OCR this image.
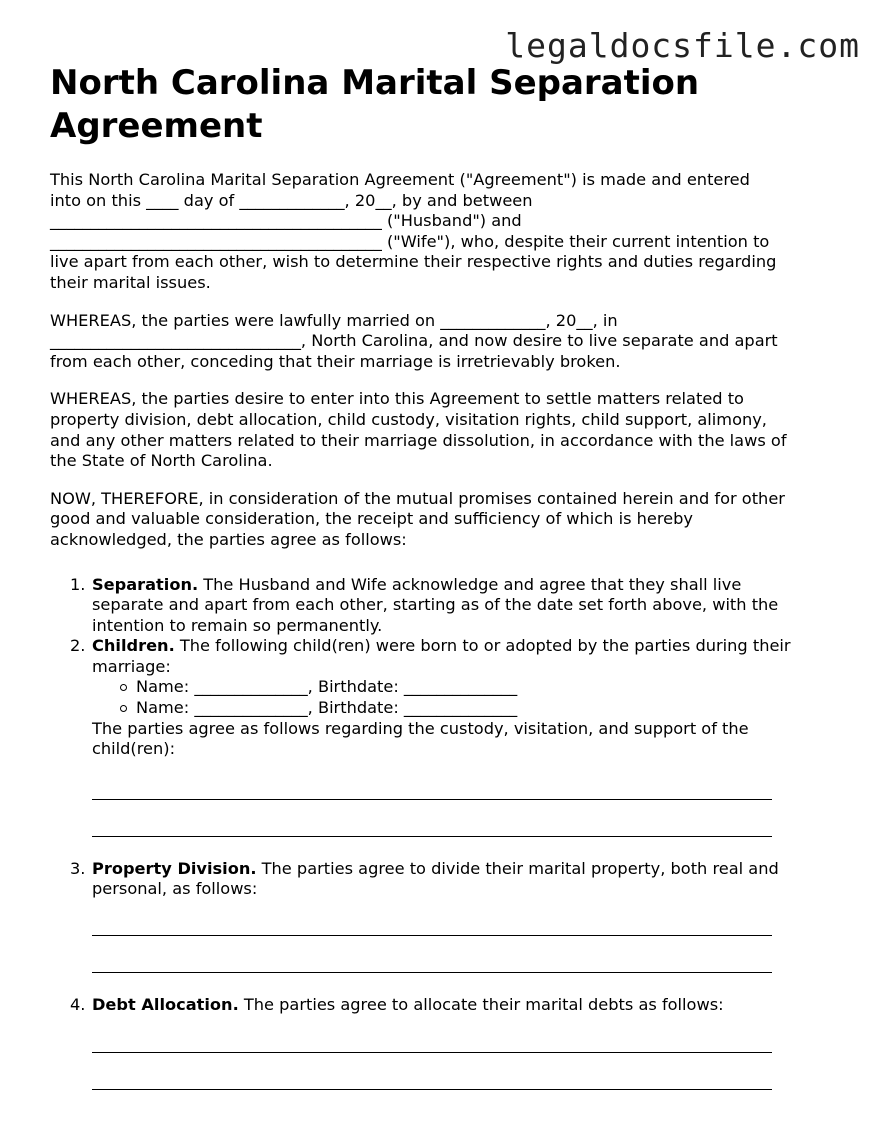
legaldocsfile.com
North Carolina Marital Separation Agreement

This North Carolina Marital Separation Agreement ("Agreement") is made and entered
into on this ____ day of _____________, 20__, by and between
_________________________________________ ("Husband") and
_________________________________________ ("Wife"), who, despite their current intention to
live apart from each other, wish to determine their respective rights and duties regarding
their marital issues.

WHEREAS, the parties were lawfully married on _____________, 20__, in
_______________________________, North Carolina, and now desire to live separate and apart
from each other, conceding that their marriage is irretrievably broken.

WHEREAS, the parties desire to enter into this Agreement to settle matters related to
property division, debt allocation, child custody, visitation rights, child support, alimony,
and any other matters related to their marriage dissolution, in accordance with the laws of
the State of North Carolina.

NOW, THEREFORE, in consideration of the mutual promises contained herein and for other
good and valuable consideration, the receipt and sufficiency of which is hereby
acknowledged, the parties agree as follows:

1. Separation. The Husband and Wife acknowledge and agree that they shall live
separate and apart from each other, starting as of the date set forth above, with the
intention to remain so permanently.
2. Children. The following child(ren) were born to or adopted by the parties during their
marriage:
Name: ______________, Birthdate: ______________
Name: ______________, Birthdate: ______________
The parties agree as follows regarding the custody, visitation, and support of the
child(ren):
3. Property Division. The parties agree to divide their marital property, both real and
personal, as follows:
4. Debt Allocation. The parties agree to allocate their marital debts as follows:
